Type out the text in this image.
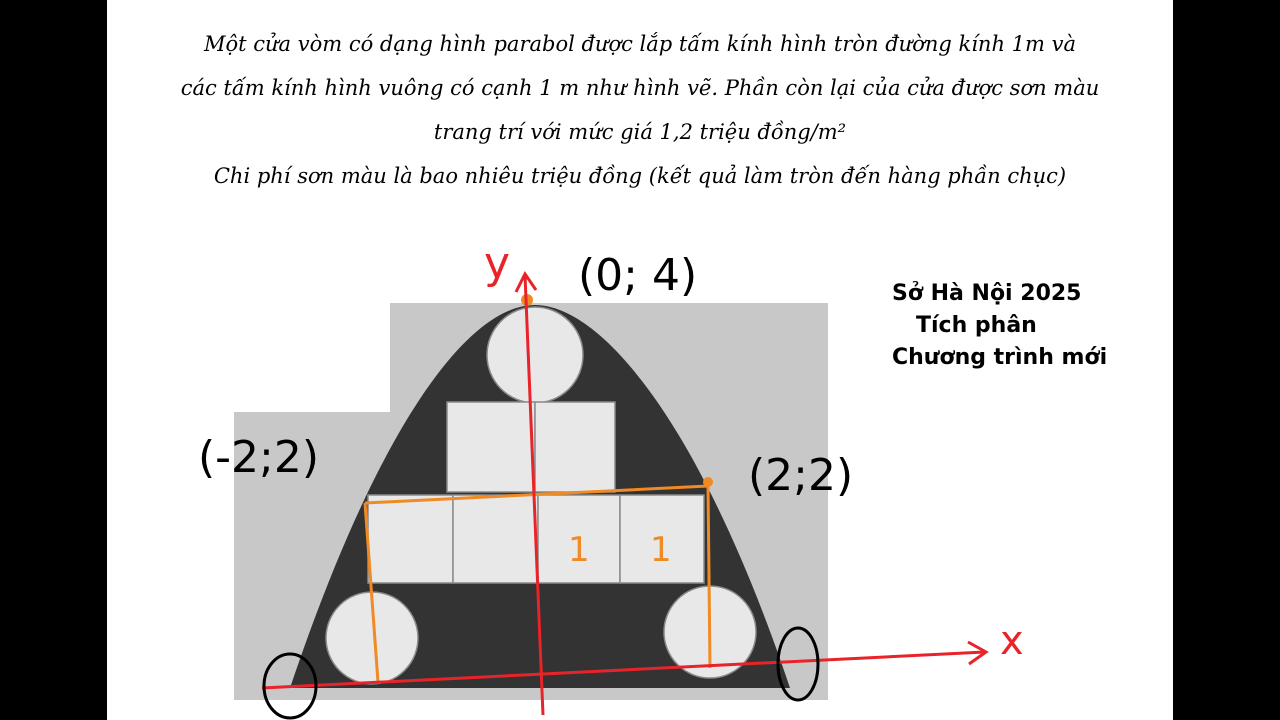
Một cửa vòm có dạng hình parabol được lắp tấm kính hình tròn đường kính 1m và

các tấm kính hình vuông có cạnh 1 m như hình vẽ. Phần còn lại của cửa được sơn màu

trang trí với mức giá 1,2 triệu đồng/m²

Chi phí sơn màu là bao nhiêu triệu đồng (kết quả làm tròn đến hàng phần chục)

Sở Hà Nội 2025
Tích phân
Chương trình mới
y
x
(0; 4)
(-2;2)	(2;2)
1 1
